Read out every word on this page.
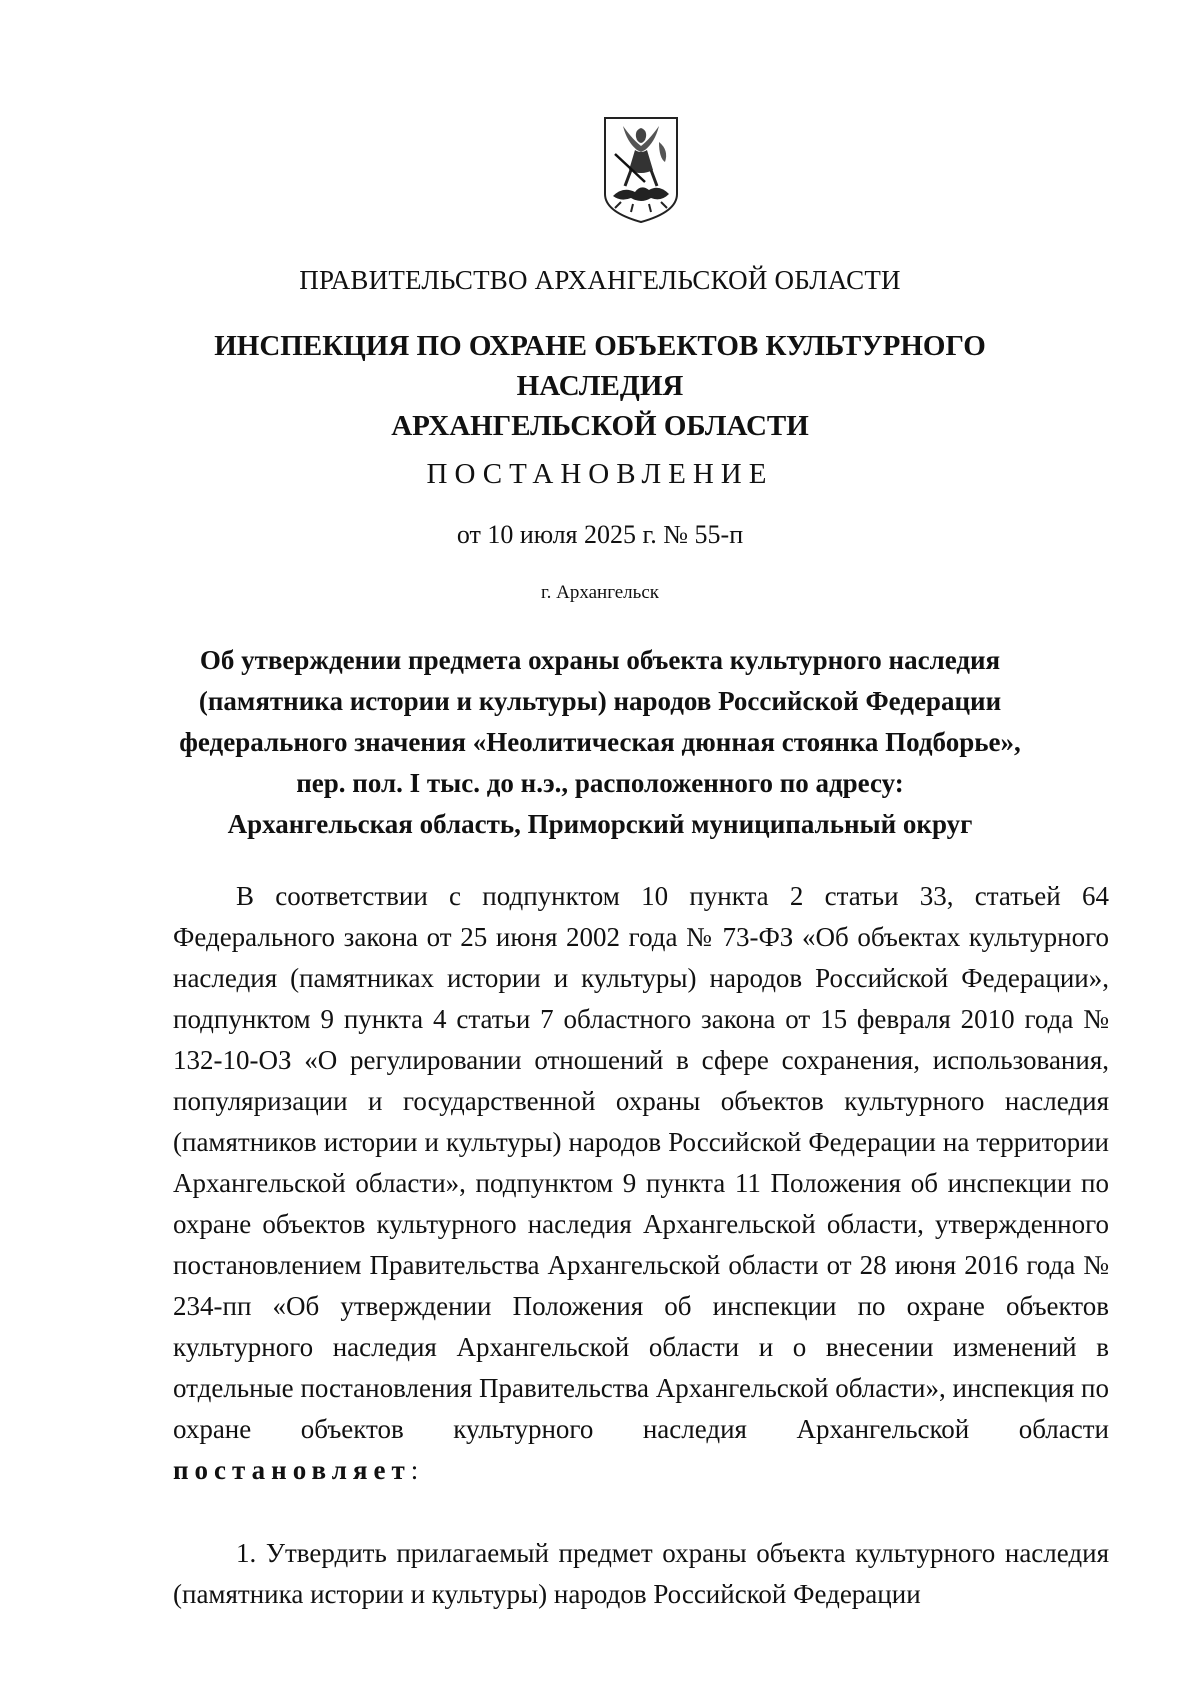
ПРАВИТЕЛЬСТВО АРХАНГЕЛЬСКОЙ ОБЛАСТИ
ИНСПЕКЦИЯ ПО ОХРАНЕ ОБЪЕКТОВ КУЛЬТУРНОГО НАСЛЕДИЯ
АРХАНГЕЛЬСКОЙ ОБЛАСТИ
ПОСТАНОВЛЕНИЕ
от 10 июля 2025 г. № 55-п
г. Архангельск
Об утверждении предмета охраны объекта культурного наследия
(памятника истории и культуры) народов Российской Федерации
федерального значения «Неолитическая дюнная стоянка Подборье»,
пер. пол. I тыс. до н.э., расположенного по адресу:
Архангельская область, Приморский муниципальный округ
В соответствии с подпунктом 10 пункта 2 статьи 33, статьей 64 Федерального закона от 25 июня 2002 года № 73-ФЗ «Об объектах культурного наследия (памятниках истории и культуры) народов Российской Федерации», подпунктом 9 пункта 4 статьи 7 областного закона от 15 февраля 2010 года № 132-10-ОЗ «О регулировании отношений в сфере сохранения, использования, популяризации и государственной охраны объектов культурного наследия (памятников истории и культуры) народов Российской Федерации на территории Архангельской области», подпунктом 9 пункта 11 Положения об инспекции по охране объектов культурного наследия Архангельской области, утвержденного постановлением Правительства Архангельской области от 28 июня 2016 года № 234-пп «Об утверждении Положения об инспекции по охране объектов культурного наследия Архангельской области и о внесении изменений в отдельные постановления Правительства Архангельской области», инспекция по охране объектов культурного наследия Архангельской области постановляет:
1. Утвердить прилагаемый предмет охраны объекта культурного наследия (памятника истории и культуры) народов Российской Федерации
